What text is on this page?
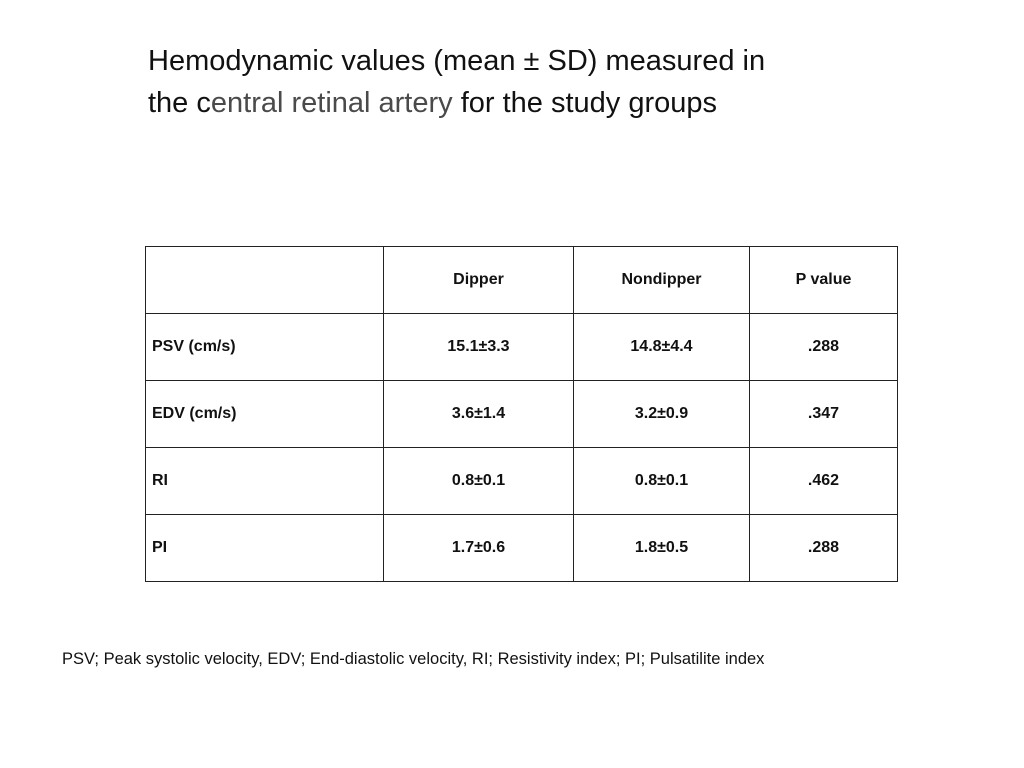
Hemodynamic values (mean ± SD) measured in
the central retinal artery for the study groups
	Dipper	Nondipper	P value
PSV (cm/s)	15.1±3.3	14.8±4.4	.288
EDV (cm/s)	3.6±1.4	3.2±0.9	.347
RI	0.8±0.1	0.8±0.1	.462
PI	1.7±0.6	1.8±0.5	.288
PSV; Peak systolic velocity, EDV; End-diastolic velocity, RI; Resistivity index; PI; Pulsatilite index
